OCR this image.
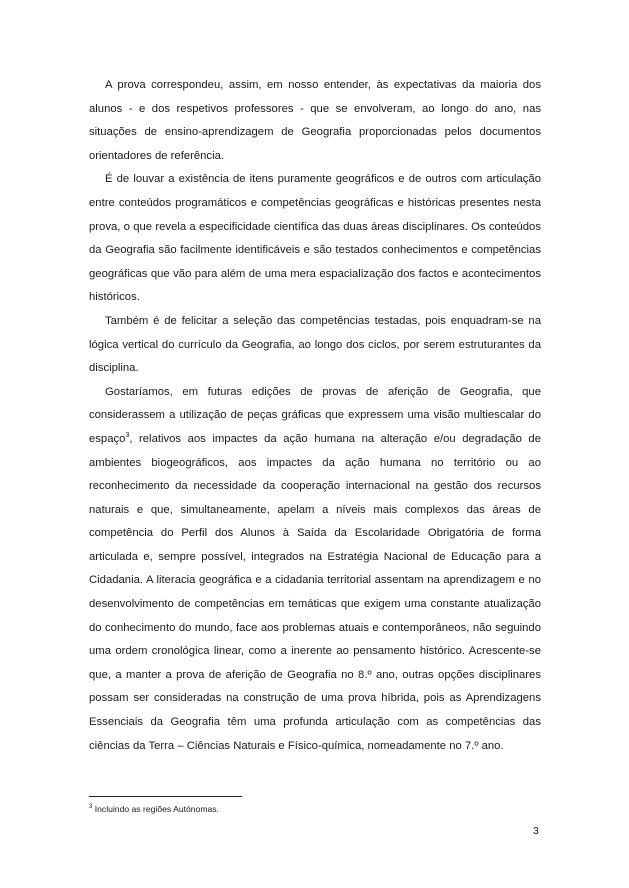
A prova correspondeu, assim, em nosso entender, às expectativas da maioria dos alunos - e dos respetivos professores - que se envolveram, ao longo do ano, nas situações de ensino-aprendizagem de Geografia proporcionadas pelos documentos orientadores de referência.

É de louvar a existência de itens puramente geográficos e de outros com articulação entre conteúdos programáticos e competências geográficas e históricas presentes nesta prova, o que revela a especificidade científica das duas áreas disciplinares. Os conteúdos da Geografia são facilmente identificáveis e são testados conhecimentos e competências geográficas que vão para além de uma mera espacialização dos factos e acontecimentos históricos.

Também é de felicitar a seleção das competências testadas, pois enquadram-se na lógica vertical do currículo da Geografia, ao longo dos ciclos, por serem estruturantes da disciplina.

Gostaríamos, em futuras edições de provas de aferição de Geografia, que considerassem a utilização de peças gráficas que expressem uma visão multiescalar do espaço$^3$, relativos aos impactes da ação humana na alteração e/ou degradação de ambientes biogeográficos, aos impactes da ação humana no território ou ao reconhecimento da necessidade da cooperação internacional na gestão dos recursos naturais e que, simultaneamente, apelam a níveis mais complexos das áreas de competência do Perfil dos Alunos à Saída da Escolaridade Obrigatória de forma articulada e, sempre possível, integrados na Estratégia Nacional de Educação para a Cidadania. A literacia geográfica e a cidadania territorial assentam na aprendizagem e no desenvolvimento de competências em temáticas que exigem uma constante atualização do conhecimento do mundo, face aos problemas atuais e contemporâneos, não seguindo uma ordem cronológica linear, como a inerente ao pensamento histórico. Acrescente-se que, a manter a prova de aferição de Geografia no 8.º ano, outras opções disciplinares possam ser consideradas na construção de uma prova híbrida, pois as Aprendizagens Essenciais da Geografia têm uma profunda articulação com as competências das ciências da Terra – Ciências Naturais e Físico-química, nomeadamente no 7.º ano.

$^3$ Incluindo as regiões Autónomas.
3
